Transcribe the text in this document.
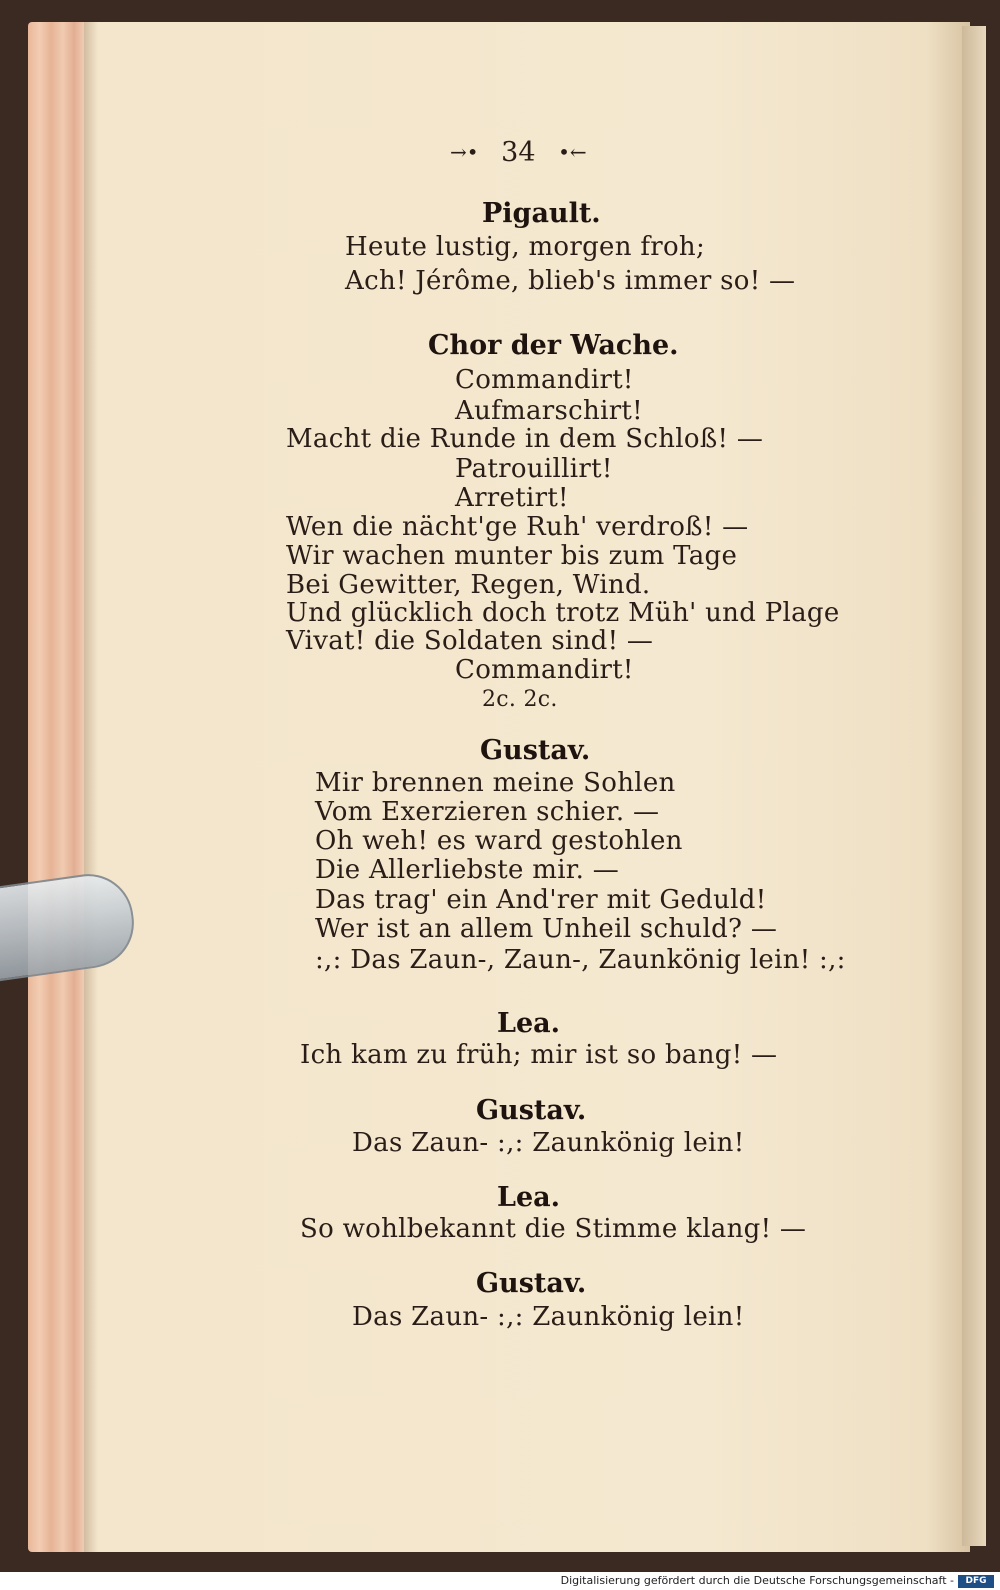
→• 34 •←
Pigault.
Heute lustig, morgen froh;
Ach! Jérôme, blieb's immer so! —
Chor der Wache.
Commandirt!
Aufmarschirt!
Macht die Runde in dem Schloß! —
Patrouillirt!
Arretirt!
Wen die nächt'ge Ruh' verdroß! —
Wir wachen munter bis zum Tage
Bei Gewitter, Regen, Wind.
Und glücklich doch trotz Müh' und Plage
Vivat! die Soldaten sind! —
Commandirt!
2c. 2c.
Gustav.
Mir brennen meine Sohlen
Vom Exerzieren schier. —
Oh weh! es ward gestohlen
Die Allerliebste mir. —
Das trag' ein And'rer mit Geduld!
Wer ist an allem Unheil schuld? —
:,: Das Zaun-, Zaun-, Zaunkönig lein! :,:
Lea.
Ich kam zu früh; mir ist so bang! —
Gustav.
Das Zaun- :,: Zaunkönig lein!
Lea.
So wohlbekannt die Stimme klang! —
Gustav.
Das Zaun- :,: Zaunkönig lein!
Digitalisierung gefördert durch die Deutsche Forschungsgemeinschaft -	DFG
